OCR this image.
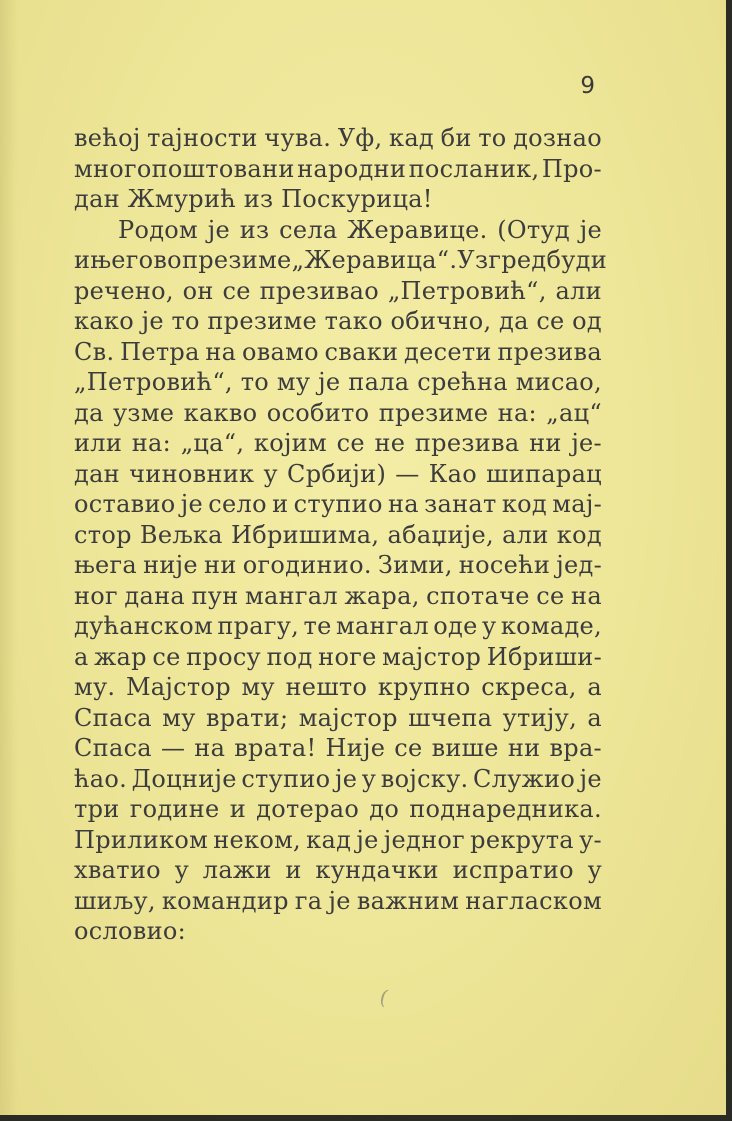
9
већој тајности чува. Уф, кад би то дознао
многопоштовани народни посланик, Про-
дан Жмурић из Поскурица!
Родом је из села Жеравице. (Отуд је
и његово презиме „Жеравица“. Узгред буди
речено, он се презивао „Петровић“, али
како је то презиме тако обично, да се од
Св. Петра на овамо сваки десети презива
„Петровић“, то му је пала срећна мисао,
да узме какво особито презиме на: „ац“
или на: „ца“, којим се не презива ни је-
дан чиновник у Србији) — Као шипарац
оставио је село и ступио на занат код мај-
стор Вељка Ибришима, абаџије, али код
њега није ни огодинио. Зими, носећи јед-
ног дана пун мангал жара, спотаче се на
дућанском прагу, те мангал оде у комаде,
а жар се просу под ноге мајстор Ибриши-
му. Мајстор му нешто крупно скреса, а
Спаса му врати; мајстор шчепа утију, а
Спаса — на врата! Није се више ни вра-
ћао. Доцније ступио је у војску. Служио је
три године и дотерао до поднаредника.
Приликом неком, кад је једног рекрута у-
хватио у лажи и кундачки испратио у
шиљу, командир га је важним нагласком
ословио:
(
